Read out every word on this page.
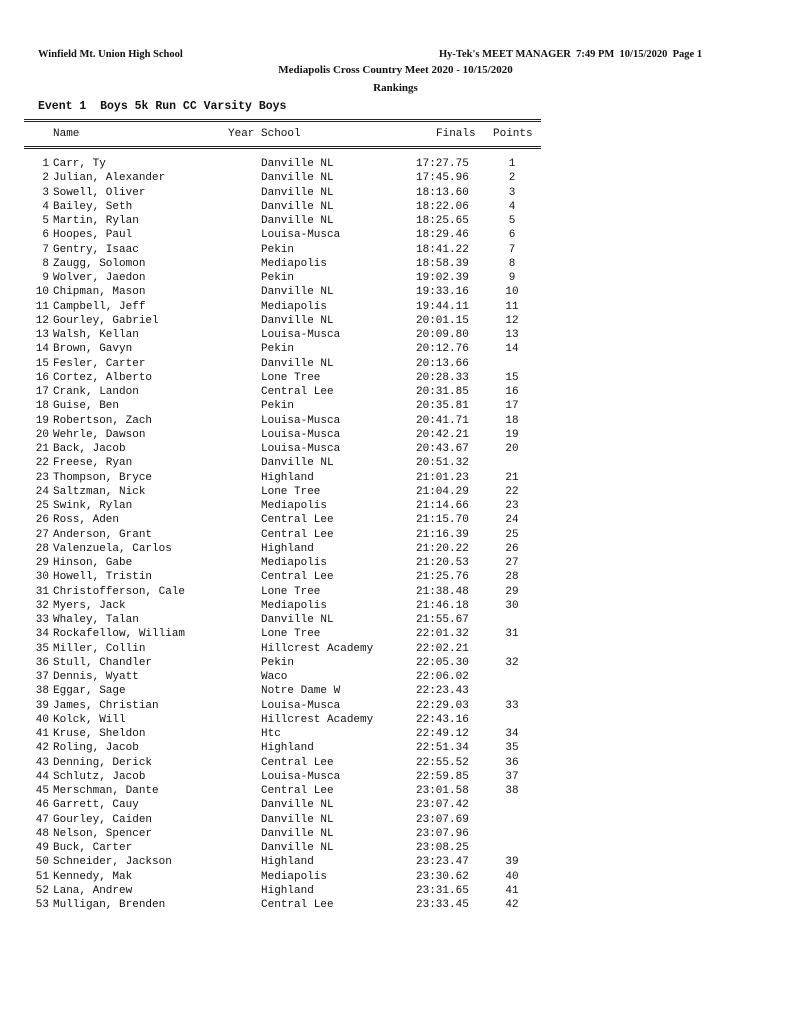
Winfield Mt. Union High School	Hy-Tek's MEET MANAGER  7:49 PM  10/15/2020  Page 1
Mediapolis Cross Country Meet 2020 - 10/15/2020
Rankings
Event 1  Boys 5k Run CC Varsity Boys
Name	Year School	Finals Points
1 Carr, Ty	Danville NL	17:27.75	1
2 Julian, Alexander	Danville NL	17:45.96	2
3 Sowell, Oliver	Danville NL	18:13.60	3
4 Bailey, Seth	Danville NL	18:22.06	4
5 Martin, Rylan	Danville NL	18:25.65	5
6 Hoopes, Paul	Louisa-Musca	18:29.46	6
7 Gentry, Isaac	Pekin	18:41.22	7
8 Zaugg, Solomon	Mediapolis	18:58.39	8
9 Wolver, Jaedon	Pekin	19:02.39	9
10 Chipman, Mason	Danville NL	19:33.16	10
11 Campbell, Jeff	Mediapolis	19:44.11	11
12 Gourley, Gabriel	Danville NL	20:01.15	12
13 Walsh, Kellan	Louisa-Musca	20:09.80	13
14 Brown, Gavyn	Pekin	20:12.76	14
15 Fesler, Carter	Danville NL	20:13.66
16 Cortez, Alberto	Lone Tree	20:28.33	15
17 Crank, Landon	Central Lee	20:31.85	16
18 Guise, Ben	Pekin	20:35.81	17
19 Robertson, Zach	Louisa-Musca	20:41.71	18
20 Wehrle, Dawson	Louisa-Musca	20:42.21	19
21 Back, Jacob	Louisa-Musca	20:43.67	20
22 Freese, Ryan	Danville NL	20:51.32
23 Thompson, Bryce	Highland	21:01.23	21
24 Saltzman, Nick	Lone Tree	21:04.29	22
25 Swink, Rylan	Mediapolis	21:14.66	23
26 Ross, Aden	Central Lee	21:15.70	24
27 Anderson, Grant	Central Lee	21:16.39	25
28 Valenzuela, Carlos	Highland	21:20.22	26
29 Hinson, Gabe	Mediapolis	21:20.53	27
30 Howell, Tristin	Central Lee	21:25.76	28
31 Christofferson, Cale	Lone Tree	21:38.48	29
32 Myers, Jack	Mediapolis	21:46.18	30
33 Whaley, Talan	Danville NL	21:55.67
34 Rockafellow, William	Lone Tree	22:01.32	31
35 Miller, Collin	Hillcrest Academy	22:02.21
36 Stull, Chandler	Pekin	22:05.30	32
37 Dennis, Wyatt	Waco	22:06.02
38 Eggar, Sage	Notre Dame W	22:23.43
39 James, Christian	Louisa-Musca	22:29.03	33
40 Kolck, Will	Hillcrest Academy	22:43.16
41 Kruse, Sheldon	Htc	22:49.12	34
42 Roling, Jacob	Highland	22:51.34	35
43 Denning, Derick	Central Lee	22:55.52	36
44 Schlutz, Jacob	Louisa-Musca	22:59.85	37
45 Merschman, Dante	Central Lee	23:01.58	38
46 Garrett, Cauy	Danville NL	23:07.42
47 Gourley, Caiden	Danville NL	23:07.69
48 Nelson, Spencer	Danville NL	23:07.96
49 Buck, Carter	Danville NL	23:08.25
50 Schneider, Jackson	Highland	23:23.47	39
51 Kennedy, Mak	Mediapolis	23:30.62	40
52 Lana, Andrew	Highland	23:31.65	41
53 Mulligan, Brenden	Central Lee	23:33.45	42
